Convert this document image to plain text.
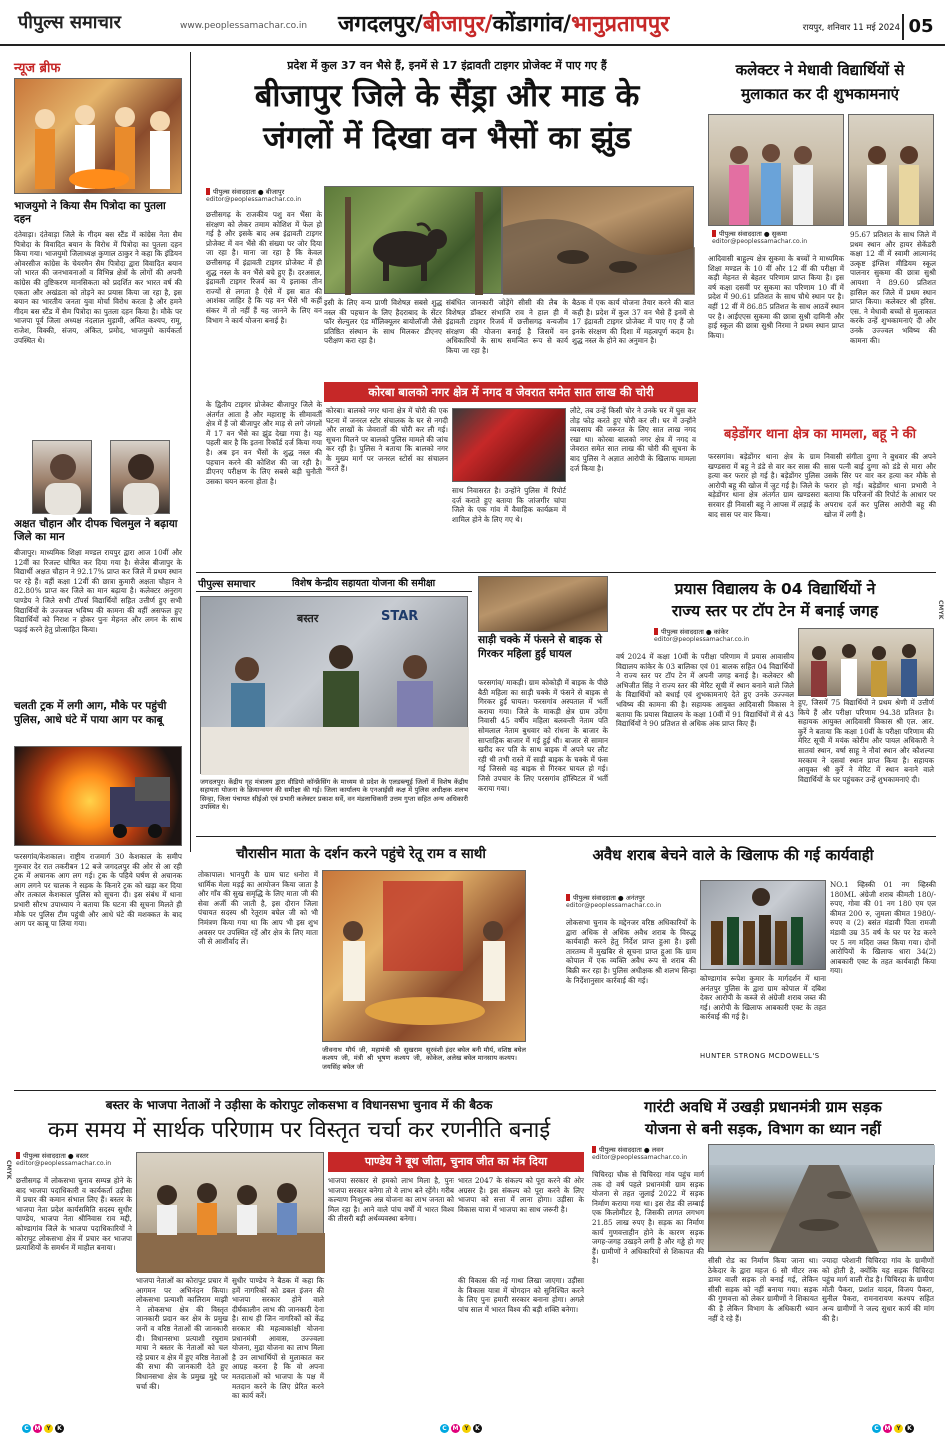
पीपुल्स समाचार	www.peoplessamachar.co.in	जगदलपुर/बीजापुर/कोंडागांव/भानुप्रतापपुर	रायपुर, शनिवार 11 मई 2024 05
न्यूज ब्रीफ
भाजयुमो ने किया सैम पित्रोदा का पुतला दहन
दंतेवाड़ा। दंतेवाड़ा जिले के गीदम बस स्टैंड में कांग्रेस नेता सैम पित्रोदा के विवादित बयान के विरोध में पित्रोदा का पुतला दहन किया गया। भाजयुमो जिलाध्यक्ष कुणाल ठाकुर ने कहा कि इंडियन ओवरसीज कांग्रेस के चेयरमैन सैम पित्रोदा द्वारा विवादित बयान जो भारत की जनभावनाओं व विभिन्न क्षेत्रों के लोगों की अपनी कांग्रेस की तुष्टिकरण मानसिकता को प्रदर्शित कर भारत वर्ष की एकता और अखंडता को तोड़ने का प्रयास किया जा रहा है, इस बयान का भारतीय जनता युवा मोर्चा विरोध करता है और हमने गीदम बस स्टैंड में सैम पित्रोदा का पुतला दहन किया है। मौके पर भाजपा पूर्व जिला अध्यक्ष नंदलाल मुड़ामी, अमित कश्यप, रामू, राजेश, विक्की, संजय, अंकित, प्रमोद, भाजयुमो कार्यकर्ता उपस्थित थे।
अक्षत चौहान और दीपक चिलमुल ने बढ़ाया जिले का मान
बीजापुर। माध्यमिक शिक्षा मण्डल रायपुर द्वारा आज 10वीं और 12वीं का रिजल्ट घोषित कर दिया गया है। सेजेस बीजापुर के विद्यार्थी अक्षत चौहान ने 92.17% प्राप्त कर जिले में प्रथम स्थान पर रहे हैं। वहीं कक्षा 12वीं की छात्रा कुमारी अक्षता चौहान ने 82.80% प्राप्त कर जिले का मान बढ़ाया है। कलेक्टर अनुराग पाण्डेय ने जिले सभी टॉपर्स विद्यार्थियों सहित उत्तीर्ण हुए सभी विद्यार्थियों के उज्जवल भविष्य की कामना की वहीं असफल हुए विद्यार्थियों को निराश न होकर पुनः मेहनत और लगन के साथ पढ़ाई करने हेतु प्रोत्साहित किया।
चलती ट्रक में लगी आग, मौके पर पहुंची पुलिस, आधे घंटे में पाया आग पर काबू
फरसगांव/केशकाल। राष्ट्रीय राजमार्ग 30 केशकाल के समीप गुरुवार देर रात तकरीबन 12 बजे जगदलपुर की ओर से आ रही ट्रक में अचानक आग लग गई। ट्रक के पहिये घर्षण से अचानक आग लगने पर चालक ने सड़क के किनारे ट्रक को खड़ा कर दिया और तत्काल केशकाल पुलिस को सूचना दी। इस संबंध में थाना प्रभारी सौरभ उपाध्याय ने बताया कि घटना की सूचना मिलते ही मौके पर पुलिस टीम पहुंची और आधे घंटे की मशक्कत के बाद आग पर काबू पा लिया गया।
प्रदेश में कुल 37 वन भैसे हैं, इनमें से 17 इंद्रावती टाइगर प्रोजेक्ट में पाए गए हैं
बीजापुर जिले के सैंड्रा और माड के
जंगलों में दिखा वन भैसों का झुंड
पीपुल्स संवाददाता ● बीजापुर
editor@peoplessamachar.co.in
छत्तीसगढ़ के राजकीय पशु वन भैंसा के संरक्षण को लेकर तमाम कोशिश में फेल हो गई है और इसके बाद अब इंद्रावती टाइगर प्रोजेक्ट में वन भैंसे की संख्या पर जोर दिया जा रहा है। माना जा रहा है कि केवल छत्तीसगढ़ में इंद्रावती टाइगर प्रोजेक्ट में ही शुद्ध नस्ल के वन भैंसे बचे हुए हैं। दरअसल, इंद्रावती टाइगर रिजर्व का ये इलाका तीन राज्यों से लगता है ऐसे में इस बात की आशंका जाहिर है कि यह वन भैंसे भी कहीं संकर में तो नहीं हैं यह जानने के लिए वन विभाग ने कार्य योजना बनाई है।
के द्वितीय टाइगर प्रोजेक्ट बीजापुर जिले के अंतर्गत आता है और महाराष्ट्र के सीमावर्ती क्षेत्र में हैं जो बीजापुर और माड़ से लगे जंगलों में 17 वन भैंसे का झुंड देखा गया है। यह पहली बार है कि इतना रिकॉर्ड दर्ज किया गया है। अब इन वन भैंसों के शुद्ध नस्ल की पहचान करने की कोशिश की जा रही है। डीएनए परीक्षण के लिए सबसे बड़ी चुनौती उसका चयन करना होता है।
इसी के लिए वन्य प्राणी विशेषज्ञ सबसे शुद्ध नस्ल की पहचान के लिए हैदराबाद के सेंटर फॉर सेल्युलर एंड मॉलिक्यूलर बायोलॉजी जैसे प्रतिष्ठित संस्थान के साथ मिलकर डीएनए परीक्षण करा रहा है।
संबंधित जानकारी जोड़ेंगे सीसी की लैब के विशेषज्ञ डॉक्टर संभाजि राव ने हाल ही में इंद्रावती टाइगर रिजर्व में छत्तीसगढ़ वन्यजीव संरक्षण की योजना बनाई है जिसमें वन अधिकारियों के साथ समन्वित रूप से कार्य किया जा रहा है।
बैठक में एक कार्य योजना तैयार करने की बात कही है। प्रदेश में कुल 37 वन भैसे हैं इनमें से 17 इंद्रावती टाइगर प्रोजेक्ट में पाए गए हैं जो इनके संरक्षण की दिशा में महत्वपूर्ण कदम है। शुद्ध नस्ल के होने का अनुमान है।
कोरबा बालको नगर क्षेत्र में नगद व जेवरात समेत सात लाख की चोरी
कोरबा। बालको नगर थाना क्षेत्र में चोरी की एक घटना में जनरल स्टोर संचालक के घर से नगदी और लाखों के जेवरातों की चोरी कर ली गई। सूचना मिलने पर बालको पुलिस मामले की जांच कर रही है। पुलिस ने बताया कि बालको नगर के मुख्य मार्ग पर जनरल स्टोर्स का संचालन करते हैं।
साथ निवासरत है। उन्होंने पुलिस में रिपोर्ट दर्ज कराते हुए बताया कि जांजगीर चांपा जिले के एक गांव में वैवाहिक कार्यक्रम में शामिल होने के लिए गए थे।
लौटे, तब उन्हें किसी चोर ने उनके घर में घुस कर तोड़ फोड़ करते हुए चोरी कर ली। घर में उन्होंने व्यवसाय की जरूरत के लिए सात लाख नगद रखा था। कोरबा बालको नगर क्षेत्र में नगद व जेवरात समेत सात लाख की चोरी की सूचना के बाद पुलिस ने अज्ञात आरोपी के खिलाफ मामला दर्ज किया है।
कलेक्टर ने मेधावी विद्यार्थियों से
मुलाकात कर दी शुभकामनाएं
पीपुल्स संवाददाता ● सुकमा
editor@peoplessamachar.co.in
आदिवासी बाहुल्य क्षेत्र सुकमा के बच्चों ने माध्यमिक शिक्षा मण्डल के 10 वीं और 12 वीं की परीक्षा में कड़ी मेहनत से बेहतर परिणाम प्राप्त किया है। इस वर्ष कक्षा दसवीं पर सुकमा का परिणाम 10 वीं में प्रदेश में 90.61 प्रतिशत के साथ चौथे स्थान पर है। वहीं 12 वीं में 86.85 प्रतिशत के साथ आठवें स्थान पर है। आईएएस सुकमा की छात्रा सुश्री दामिनी और हाई स्कूल की छात्रा सुश्री निरमा ने प्रथम स्थान प्राप्त किया।
95.67 प्रतिशत के साथ जिले में प्रथम स्थान और हायर सेकेंडरी कक्षा 12 वीं में स्वामी आत्मानंद उत्कृष्ट इंग्लिश मीडियम स्कूल पालनार सुकमा की छात्रा सुश्री आयशा ने 89.60 प्रतिशत हासिल कर जिले में प्रथम स्थान प्राप्त किया। कलेक्टर श्री हरिस. एस. ने मेधावी बच्चों से मुलाकात करके उन्हें शुभकामनाएं दी और उनके उज्ज्वल भविष्य की कामना की।
बड़ेडोंगर थाना क्षेत्र का मामला, बहू ने की
फरसगांव। बड़ेडोंगर थाना क्षेत्र के ग्राम खण्डसरा में बहू ने डंडे से वार कर सास की हत्या कर फरार हो गई है। बड़ेडोंगर पुलिस आरोपी बहू की खोज में जुट गई है। जिले के बड़ेडोंगर थाना क्षेत्र अंतर्गत ग्राम खण्डसरा सरवार ही निवासी बहू ने आपस में लड़ाई के बाद सास पर वार किया।
निवासी संगीता दुग्गा ने बुधवार की अपने सास पत्नी बाई दुग्गा को डंडे से मारा और उसके सिर पर वार कर हत्या कर मौके से फरार हो गई। बड़ेडोंगर थाना प्रभारी ने बताया कि परिजनों की रिपोर्ट के आधार पर अपराध दर्ज कर पुलिस आरोपी बहू की खोज में लगी है।
पीपुल्स समाचार	विशेष केन्द्रीय सहायता योजना की समीक्षा
बस्तर	STAR
जगदलपुर। केंद्रीय गृह मंत्रालय द्वारा वीडियो कॉन्फ्रेंसिंग के माध्यम से प्रदेश के एलडब्ल्यूई जिलों में विशेष केंद्रीय सहायता योजना के क्रियान्वयन की समीक्षा की गई। जिला कार्यालय के एनआईसी कक्ष में पुलिस अधीक्षक शलभ सिन्हा, जिला पंचायत सीईओ एवं प्रभारी कलेक्टर प्रकाश सर्वे, वन मंडलाधिकारी उत्तम गुप्ता सहित अन्य अधिकारी उपस्थित थे।
साड़ी चक्के में फंसने से बाइक से गिरकर महिला हुई घायल
फरसगांव/ माकड़ी। ग्राम कोकोड़ी में बाइक के पीछे बैठी महिला का साड़ी चक्के में फंसने से बाइक से गिरकर हुई घायल। फरसगांव अस्पताल में भर्ती कराया गया। जिले के माकड़ी क्षेत्र ग्राम उदेंगा निवासी 45 वर्षीय महिला बलवन्ती नेताम पति सोमलाल नेताम बुधवार को रांधना के बाजार के साप्ताहिक बाजार में गई हुई थी। बाजार से सामान खरीद कर पति के साथ बाइक में अपने घर लौट रही थी तभी रास्ते में साड़ी बाइक के चक्के में फंस गई जिससे वह बाइक से गिरकर घायल हो गई। जिसे उपचार के लिए परसगांव हॉस्पिटल में भर्ती कराया गया।
प्रयास विद्यालय के 04 विद्यार्थियों ने
राज्य स्तर पर टॉप टेन में बनाई जगह
पीपुल्स संवाददाता ● कांकेर
editor@peoplessamachar.co.in
वर्ष 2024 में कक्षा 10वीं के परीक्षा परिणाम में प्रयास आवासीय विद्यालय कांकेर के 03 बालिका एवं 01 बालक सहित 04 विद्यार्थियों ने राज्य स्तर पर टॉप टेन में अपनी जगह बनाई है। कलेक्टर श्री अभिजीत सिंह ने राज्य स्तर की मेरिट सूची में स्थान बनाने वाले जिले के विद्यार्थियों को बधाई एवं शुभकामनाएं देते हुए उनके उज्ज्वल भविष्य की कामना की है। सहायक आयुक्त आदिवासी विकास ने बताया कि प्रयास विद्यालय के कक्षा 10वीं में 91 विद्यार्थियों में से 43 विद्यार्थियों ने 90 प्रतिशत से अधिक अंक प्राप्त किए हैं।
हुए, जिसमें 75 विद्यार्थियों ने प्रथम श्रेणी में उत्तीर्ण किये हैं और परीक्षा परिणाम 94.38 प्रतिशत है। सहायक आयुक्त आदिवासी विकास श्री एल. आर. कुर्रे ने बताया कि कक्षा 10वीं के परीक्षा परिणाम की मेरिट सूची में मयंक कोरीम और पायल अधिकारी ने सातवां स्थान, वर्षा साहू ने नौवां स्थान और कौशल्या मरकाम ने दसवां स्थान प्राप्त किया है। सहायक आयुक्त श्री कुर्रे ने मेरिट में स्थान बनाने वाले विद्यार्थियों के घर पहुंचकर उन्हें शुभकामनाएं दी।
चौरासीन माता के दर्शन करने पहुंचे रेतू राम व साथी
तोकापाल। भानपुरी के ग्राम घाट धनोरा में धार्मिक मेला मड़ई का आयोजन किया जाता है और गाँव की सुख समृद्धि के लिए माता जी की सेवा अर्जी की जाती है, इस दौरान जिला पंचायत सदस्य श्री रेतूराम बघेल जी को भी निमंत्रण किया गया था कि आप भी इस शुभ अवसर पर उपस्थित रहें और क्षेत्र के लिए माता जी से आशीर्वाद लें।
जीवनाथ मौर्य जी, महामंत्री श्री सुखराम कश्यप जी, मंत्री श्री भूषण कश्यप जी, जयसिंह बघेल जी
सुरवंशी इंदर बघेल बनी मौर्य, वशिष्ठ बघेल कोकेल, अलेख बघेल मानसाय कश्यप।
अवैध शराब बेचने वाले के खिलाफ की गई कार्यवाही
पीपुल्स संवाददाता ● अनंतपुर
editor@peoplessamachar.co.in
लोकसभा चुनाव के मद्देनजर वरिष्ठ अधिकारियों के द्वारा अधिक से अधिक अवैध शराब के विरुद्ध कार्यवाही करने हेतु निर्देश प्राप्त हुआ है। इसी तारतम्य में मुखबिर से सूचना प्राप्त हुआ कि ग्राम कोपाल में एक व्यक्ति अवैध रूप से शराब की बिक्री कर रहा है। पुलिस अधीक्षक श्री शलभ सिन्हा के निर्देशानुसार कार्रवाई की गई।	कोण्डागांव रूपेश कुमार के मार्गदर्शन में थाना अनंतपुर पुलिस के द्वारा ग्राम कोपाल में दबिश देकर आरोपी के कब्जे से अंग्रेजी शराब जब्त की गई। आरोपी के खिलाफ आबकारी एक्ट के तहत कार्रवाई की गई है।
HUNTER STRONG MCDOWELL'S
NO.1 व्हिस्की 01 नग व्हिस्की 180ML अंग्रेजी शराब कीमती 180/-रुपए, गोवा की 01 नग 180 एम एल कीमत 200 रु, जुमला कीमत 1980/-रुपए व (2) बसंत मंडावी पिता रामजी मंडावी उम्र 35 वर्ष के घर पर रेड करने पर 5 नग मदिरा जब्त किया गया। दोनों आरोपियों के खिलाफ धारा 34(2) आबकारी एक्ट के तहत कार्यवाही किया गया।
बस्तर के भाजपा नेताओं ने उड़ीसा के कोरापुट लोकसभा व विधानसभा चुनाव में की बैठक
कम समय में सार्थक परिणाम पर विस्तृत चर्चा कर रणनीति बनाई
पीपुल्स संवाददाता ● बस्तर
editor@peoplessamachar.co.in
छत्तीसगढ़ में लोकसभा चुनाव सम्पन्न होने के बाद भाजपा पदाधिकारी व कार्यकर्ता उड़ीसा में प्रचार की कमान संभाल लिए हैं। बस्तर के भाजपा नेता प्रदेश कार्यसमिति सदस्य सुधीर पाण्डेय, भाजपा नेता श्रीनिवास राव मद्दी, कोण्डागांव जिले के भाजपा पदाधिकारियों ने कोरापुट लोकसभा क्षेत्र में प्रचार कर भाजपा प्रत्याशियों के समर्थन में माहौल बनाया।
पाण्डेय ने बूथ जीता, चुनाव जीत का मंत्र दिया
भाजपा सरकार से हमको लाभ मिला है, पुनः भाजपा सरकार बनेगा तो ये लाभ बने रहेंगे। गरीब कल्याण निःशुल्क अन्न योजना का लाभ जनता को मिल रहा है। आने वाले पांच वर्षों में भारत विश्व की तीसरी बड़ी अर्थव्यवस्था बनेगा।
भारत 2047 के संकल्प को पूरा करने की ओर अग्रसर है। इस संकल्प को पूरा करने के लिए भाजपा को सत्ता में लाना होगा। उड़ीसा के विकास यात्रा में भाजपा का साथ जरूरी है।
भाजपा नेताओं का कोरापुट प्रचार में आगमन पर अभिनंदन किया। लोकसभा प्रत्याशी कालिराम माझी ने लोकसभा क्षेत्र की विस्तृत जानकारी प्रदान कर क्षेत्र के प्रमुख जनों व वरिष्ठ नेताओं की जानकारी दी। विधानसभा प्रत्याशी रघुराम माचा ने बस्तर के नेताओं को चल रहे प्रचार व क्षेत्र में हुए वरिष्ठ नेताओं की सभा की जानकारी देते हुए विधानसभा क्षेत्र के प्रमुख मुद्दे पर चर्चा की।
सुधीर पाण्डेय ने बैठक में कहा कि हमें नागरिकों को डबल इंजन की भाजपा सरकार होने वाले दीर्घकालीन लाभ की जानकारी देना है। साथ ही जिन नागरिकों को केंद्र सरकार की महत्वाकांक्षी योजना प्रधानमंत्री आवास, उज्ज्वला योजना, मुद्रा योजना का लाभ मिला है उन लाभार्थियों से मुलाकात कर आग्रह करना है कि वो अपना मतदाताओं को भाजपा के पक्ष में मतदान करने के लिए प्रेरित करने का कार्य करें।
की विकास की नई गाथा लिखा जाएगा। उड़ीसा के विकास यात्रा में योगदान को सुनिश्चित करने के लिए पुनः हमारी सरकार बनाना होगा। अगले पांच साल में भारत विश्व की बड़ी शक्ति बनेगा।
गारंटी अवधि में उखड़ी प्रधानमंत्री ग्राम सड़क
योजना से बनी सड़क, विभाग का ध्यान नहीं
पीपुल्स संवाददाता ● लवन
editor@peoplessamachar.co.in
चिचिरदा चौक से चिचिरदा गांव पहुंच मार्ग तक दो वर्ष पहले प्रधानमंत्री ग्राम सड़क योजना से तहत जुलाई 2022 में सड़क निर्माण कराया गया था। इस रोड की लम्बाई एक किलोमीटर है, जिसकी लागत लगभग 21.85 लाख रुपए है। सड़क का निर्माण कार्य गुणवत्ताहीन होने के कारण सड़क जगह-जगह उखड़ने लगी है और गड्ढे हो गए हैं। ग्रामीणों ने अधिकारियों से शिकायत की है।	सीसी रोड का निर्माण किया जाना था। ठेकेदार के द्वारा महज 6 सौ मीटर तक डामर वाली सड़क तो बनाई गई, लेकिन सीसी सड़क को नहीं बनाया गया। सड़क की गुणवत्ता को लेकर ग्रामीणों ने शिकायत की है लेकिन विभाग के अधिकारी ध्यान नहीं दे रहे हैं।
ज्यादा परेशानी चिचिरदा गांव के ग्रामीणों को होती है, क्योंकि यह सड़क चिचिरदा पहुंच मार्ग वाली रोड है। चिचिरदा के ग्रामीण मोती पैकरा, प्रशांत यादव, विजय पैकरा, सुनील पैकरा, रामनारायण कश्यप सहित अन्य ग्रामीणों ने जल्द सुधार कार्य की मांग की है।
C M Y	K	C M Y	K	C M Y	K
CMYK
CMYK
